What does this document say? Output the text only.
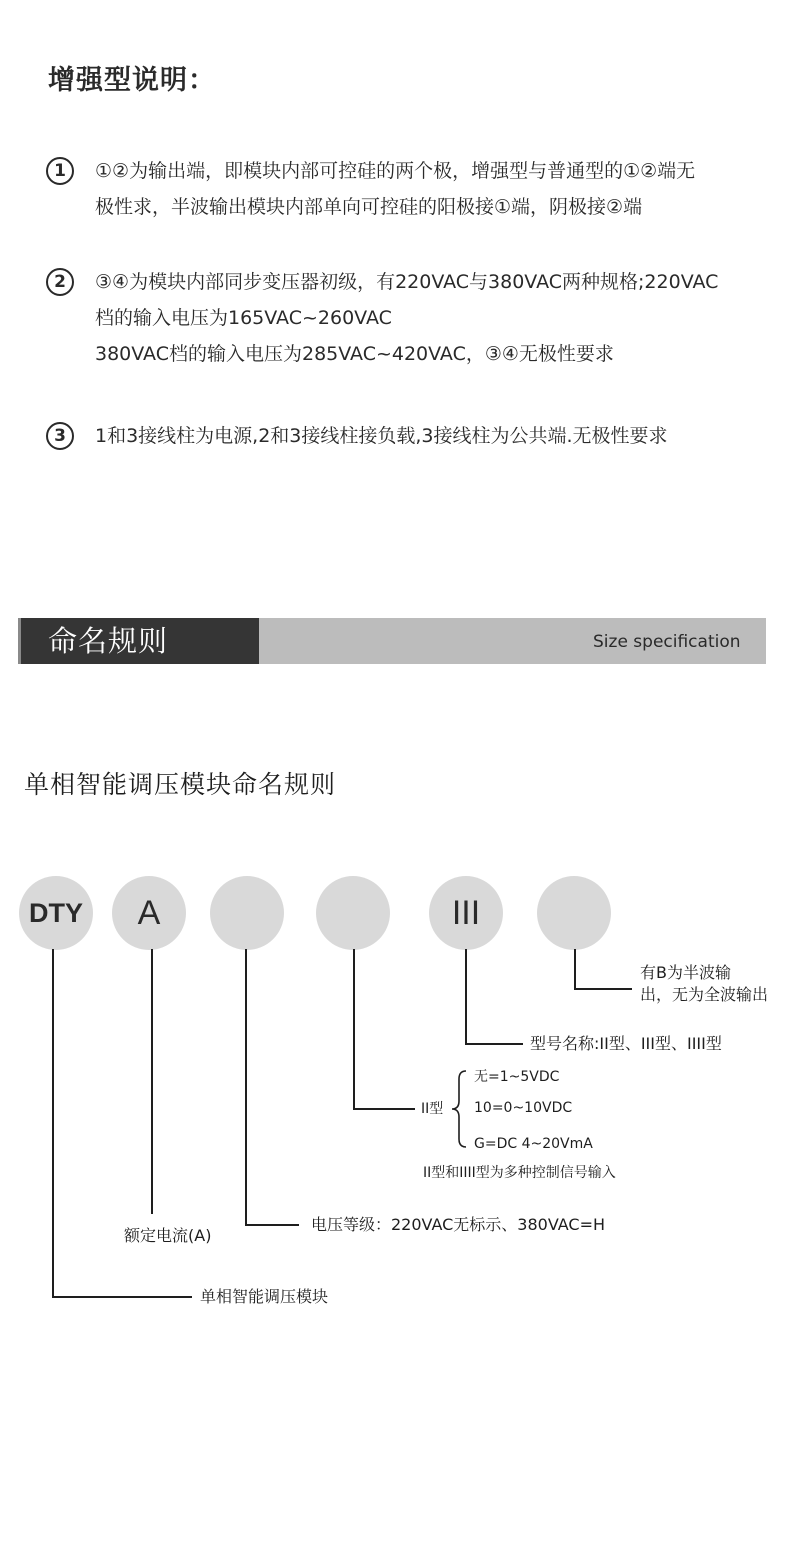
增强型说明：
1	①②为输出端，即模块内部可控硅的两个极，增强型与普通型的①②端无
极性求，半波输出模块内部单向可控硅的阳极接①端，阴极接②端
2	③④为模块内部同步变压器初级，有220VAC与380VAC两种规格;220VAC
档的输入电压为165VAC~260VAC
380VAC档的输入电压为285VAC~420VAC，③④无极性要求
3	1和3接线柱为电源,2和3接线柱接负载,3接线柱为公共端.无极性要求
命名规则	Size specification
单相智能调压模块命名规则
DTY	A	III
有B为半波输
出，无为全波输出
型号名称:II型、III型、IIII型
II型
无=1~5VDC
10=0~10VDC
G=DC 4~20VmA
II型和IIII型为多种控制信号输入
电压等级：220VAC无标示、380VAC=H
额定电流(A)
单相智能调压模块
